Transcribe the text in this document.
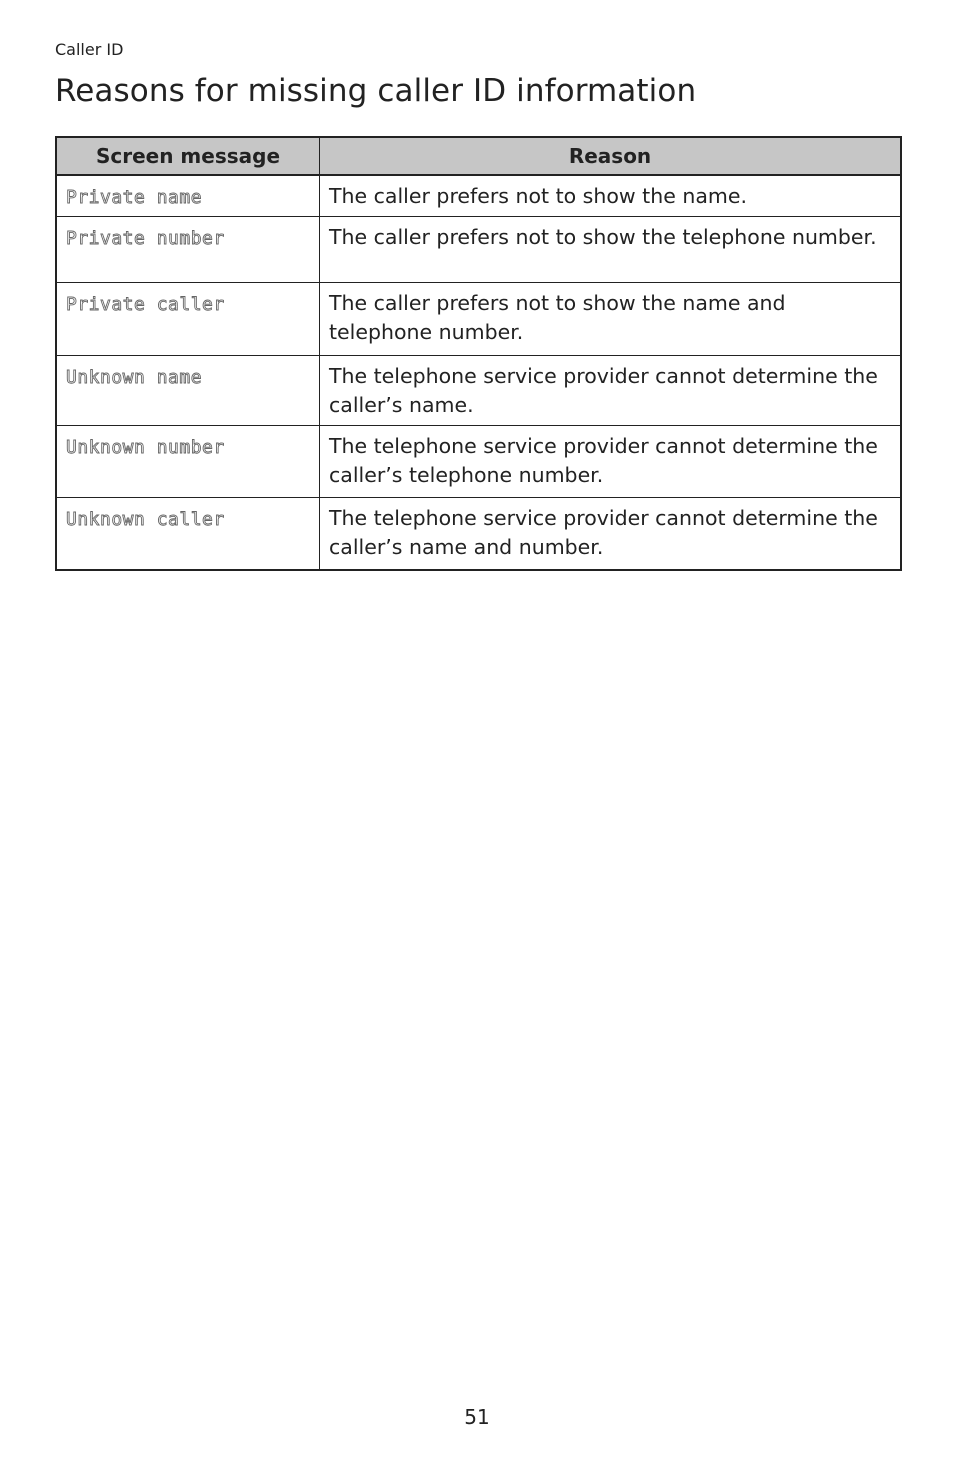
Caller ID
Reasons for missing caller ID information
Screen message	Reason
Private name	The caller prefers not to show the name.
Private number	The caller prefers not to show the telephone number.
Private caller	The caller prefers not to show the name and telephone number.
Unknown name	The telephone service provider cannot determine the caller’s name.
Unknown number	The telephone service provider cannot determine the caller’s telephone number.
Unknown caller	The telephone service provider cannot determine the caller’s name and number.
51
